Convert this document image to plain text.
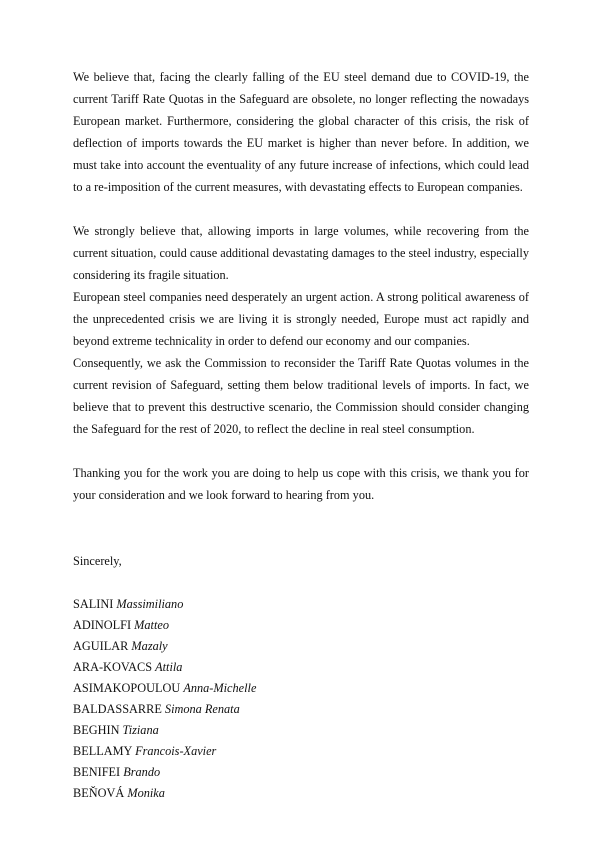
We believe that, facing the clearly falling of the EU steel demand due to COVID-19, the current Tariff Rate Quotas in the Safeguard are obsolete, no longer reflecting the nowadays European market. Furthermore, considering the global character of this crisis, the risk of deflection of imports towards the EU market is higher than never before. In addition, we must take into account the eventuality of any future increase of infections, which could lead to a re-imposition of the current measures, with devastating effects to European companies.

We strongly believe that, allowing imports in large volumes, while recovering from the current situation, could cause additional devastating damages to the steel industry, especially considering its fragile situation.

European steel companies need desperately an urgent action. A strong political awareness of the unprecedented crisis we are living it is strongly needed, Europe must act rapidly and beyond extreme technicality in order to defend our economy and our companies.

Consequently, we ask the Commission to reconsider the Tariff Rate Quotas volumes in the current revision of Safeguard, setting them below traditional levels of imports. In fact, we believe that to prevent this destructive scenario, the Commission should consider changing the Safeguard for the rest of 2020, to reflect the decline in real steel consumption.

Thanking you for the work you are doing to help us cope with this crisis, we thank you for your consideration and we look forward to hearing from you.

Sincerely,

SALINI Massimiliano
ADINOLFI Matteo
AGUILAR Mazaly
ARA-KOVACS Attila
ASIMAKOPOULOU Anna-Michelle
BALDASSARRE Simona Renata
BEGHIN Tiziana
BELLAMY Francois-Xavier
BENIFEI Brando
BEŇOVÁ Monika
